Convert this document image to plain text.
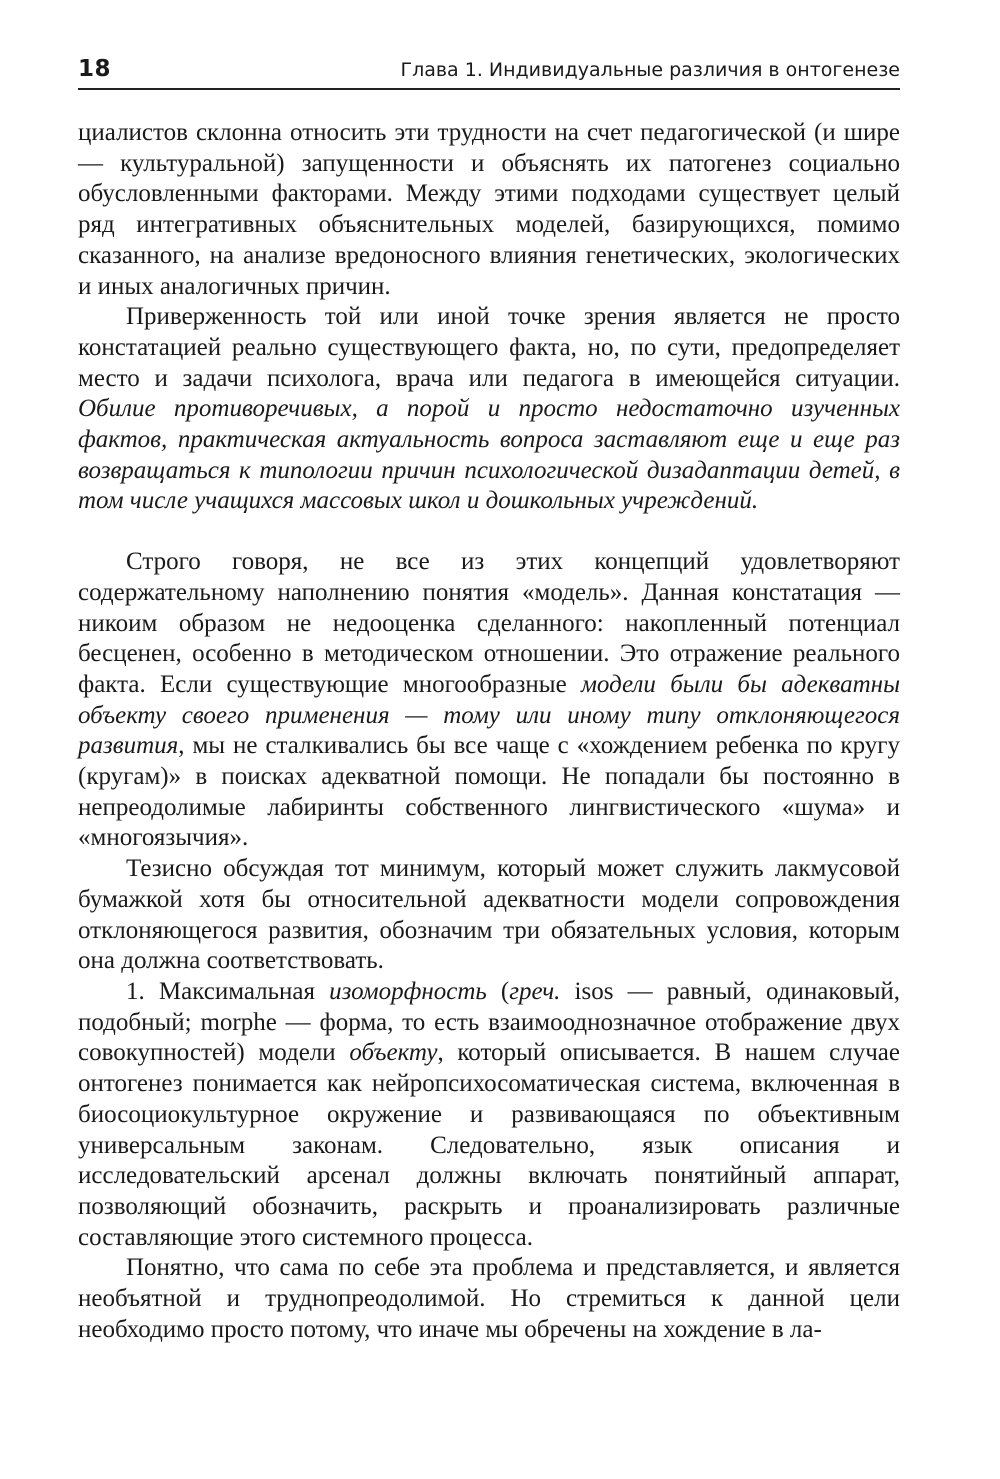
18	Глава 1. Индивидуальные различия в онтогенезе

циалистов склонна относить эти трудности на счет педагогической (и шире — культуральной) запущенности и объяснять их патогенез социально обусловленными факторами. Между этими подходами существует целый ряд интегративных объяснительных моделей, базирующихся, помимо сказанного, на анализе вредоносного влияния генетических, экологических и иных аналогичных причин.

Приверженность той или иной точке зрения является не просто констатацией реально существующего факта, но, по сути, предопределяет место и задачи психолога, врача или педагога в имеющейся ситуации. Обилие противоречивых, а порой и просто недостаточно изученных фактов, практическая актуальность вопроса заставляют еще и еще раз возвращаться к типологии причин психологической дизадаптации детей, в том числе учащихся массовых школ и дошкольных учреждений.

Строго говоря, не все из этих концепций удовлетворяют содержательному наполнению понятия «модель». Данная констатация — никоим образом не недооценка сделанного: накопленный потенциал бесценен, особенно в методическом отношении. Это отражение реального факта. Если существующие многообразные модели были бы адекватны объекту своего применения — тому или иному типу отклоняющегося развития, мы не сталкивались бы все чаще с «хождением ребенка по кругу (кругам)» в поисках адекватной помощи. Не попадали бы постоянно в непреодолимые лабиринты собственного лингвистического «шума» и «многоязычия».

Тезисно обсуждая тот минимум, который может служить лакмусовой бумажкой хотя бы относительной адекватности модели сопровождения отклоняющегося развития, обозначим три обязательных условия, которым она должна соответствовать.

1. Максимальная изоморфность (греч. isos — равный, одинаковый, подобный; morphe — форма, то есть взаимооднозначное отображение двух совокупностей) модели объекту, который описывается. В нашем случае онтогенез понимается как нейропсихосоматическая система, включенная в биосоциокультурное окружение и развивающаяся по объективным универсальным законам. Следовательно, язык описания и исследовательский арсенал должны включать понятийный аппарат, позволяющий обозначить, раскрыть и проанализировать различные составляющие этого системного процесса.

Понятно, что сама по себе эта проблема и представляется, и является необъятной и труднопреодолимой. Но стремиться к данной цели необходимо просто потому, что иначе мы обречены на хождение в ла-
